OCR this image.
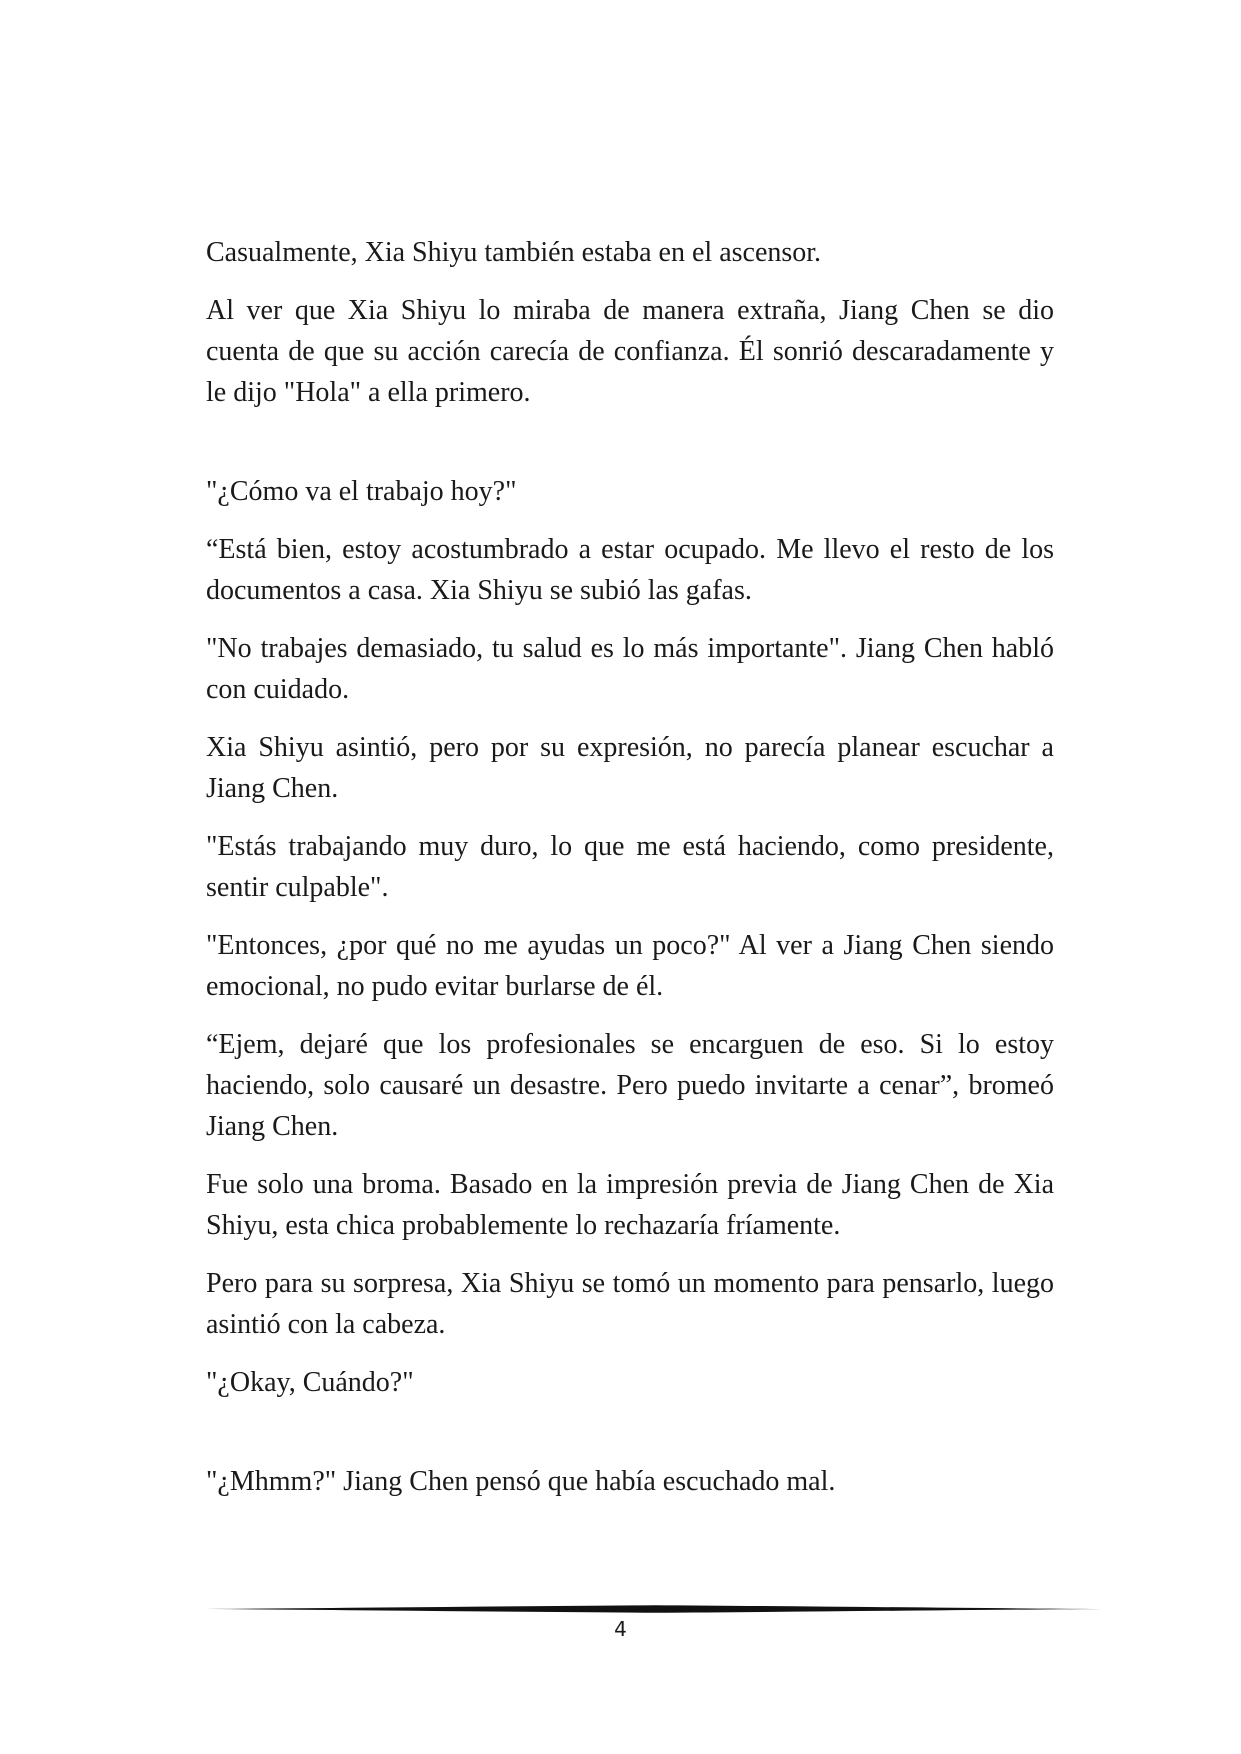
Casualmente, Xia Shiyu también estaba en el ascensor.

Al ver que Xia Shiyu lo miraba de manera extraña, Jiang Chen se dio cuenta de que su acción carecía de confianza. Él sonrió descaradamente y le dijo "Hola" a ella primero.

"¿Cómo va el trabajo hoy?"

“Está bien, estoy acostumbrado a estar ocupado. Me llevo el resto de los documentos a casa. Xia Shiyu se subió las gafas.

"No trabajes demasiado, tu salud es lo más importante". Jiang Chen habló con cuidado.

Xia Shiyu asintió, pero por su expresión, no parecía planear escuchar a Jiang Chen.

"Estás trabajando muy duro, lo que me está haciendo, como presidente, sentir culpable".

"Entonces, ¿por qué no me ayudas un poco?" Al ver a Jiang Chen siendo emocional, no pudo evitar burlarse de él.

“Ejem, dejaré que los profesionales se encarguen de eso. Si lo estoy haciendo, solo causaré un desastre. Pero puedo invitarte a cenar”, bromeó Jiang Chen.

Fue solo una broma. Basado en la impresión previa de Jiang Chen de Xia Shiyu, esta chica probablemente lo rechazaría fríamente.

Pero para su sorpresa, Xia Shiyu se tomó un momento para pensarlo, luego asintió con la cabeza.

"¿Okay, Cuándo?"

"¿Mhmm?" Jiang Chen pensó que había escuchado mal.

4
